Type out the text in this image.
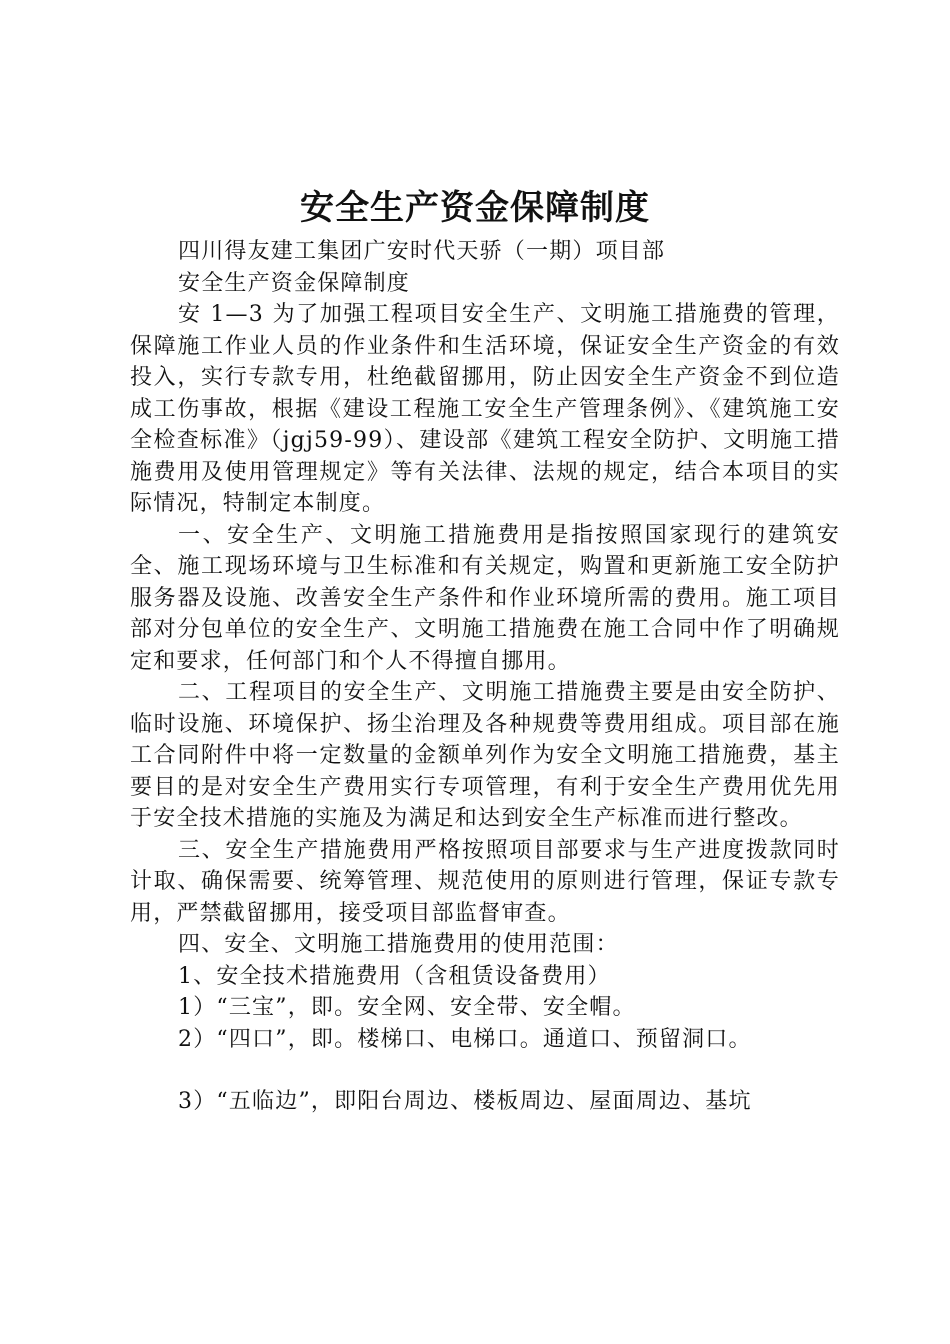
安全生产资金保障制度

四川得友建工集团广安时代天骄（一期）项目部

安全生产资金保障制度

安 1—3 为了加强工程项目安全生产、文明施工措施费的管理，保障施工作业人员的作业条件和生活环境，保证安全生产资金的有效投入，实行专款专用，杜绝截留挪用，防止因安全生产资金不到位造成工伤事故，根据《建设工程施工安全生产管理条例》、《建筑施工安全检查标准》（jgj59-99）、建设部《建筑工程安全防护、文明施工措施费用及使用管理规定》等有关法律、法规的规定，结合本项目的实际情况，特制定本制度。

一、安全生产、文明施工措施费用是指按照国家现行的建筑安全、施工现场环境与卫生标准和有关规定，购置和更新施工安全防护服务器及设施、改善安全生产条件和作业环境所需的费用。施工项目部对分包单位的安全生产、文明施工措施费在施工合同中作了明确规定和要求，任何部门和个人不得擅自挪用。

二、工程项目的安全生产、文明施工措施费主要是由安全防护、临时设施、环境保护、扬尘治理及各种规费等费用组成。项目部在施工合同附件中将一定数量的金额单列作为安全文明施工措施费，基主要目的是对安全生产费用实行专项管理，有利于安全生产费用优先用于安全技术措施的实施及为满足和达到安全生产标准而进行整改。

三、安全生产措施费用严格按照项目部要求与生产进度拨款同时计取、确保需要、统筹管理、规范使用的原则进行管理，保证专款专用，严禁截留挪用，接受项目部监督审查。

四、安全、文明施工措施费用的使用范围：

1、安全技术措施费用（含租赁设备费用）

1）“三宝”，即。安全网、安全带、安全帽。

2）“四口”，即。楼梯口、电梯口。通道口、预留洞口。

3）“五临边”，即阳台周边、楼板周边、屋面周边、基坑
